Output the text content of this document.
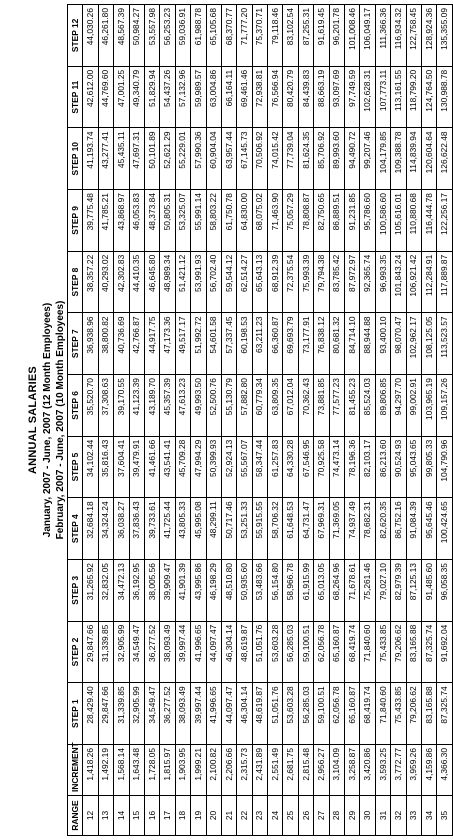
ANNUAL SALARIES January, 2007 - June, 2007 (12 Month Employees) February, 2007 - June, 2007 (10 Month Employees)
RANGE	INCREMENT	STEP 1	STEP 2	STEP 3	STEP 4	STEP 5	STEP 6	STEP 7	STEP 8	STEP 9	STEP 10	STEP 11	STEP 12
12	1,418.26	28,429.40	29,847.66	31,265.92	32,684.18	34,102.44	35,520.70	36,938.96	38,357.22	39,775.48	41,193.74	42,612.00	44,030.26
13	1,492.19	29,847.66	31,339.85	32,832.05	34,324.24	35,816.43	37,308.63	38,800.82	40,293.02	41,785.21	43,277.41	44,769.60	46,261.80
14	1,568.14	31,339.85	32,905.99	34,472.13	36,038.27	37,604.41	39,170.55	40,736.69	42,302.83	43,868.97	45,435.11	47,001.25	48,567.39
15	1,643.48	32,905.99	34,549.47	36,192.95	37,836.43	39,479.91	41,123.39	42,766.87	44,410.35	46,053.83	47,697.31	49,340.79	50,984.27
16	1,728.05	34,549.47	36,277.52	38,005.56	39,733.61	41,461.66	43,189.70	44,917.75	46,645.80	48,373.84	50,101.89	51,829.94	53,557.98
17	1,815.97	36,277.52	38,093.49	39,909.47	41,725.44	43,541.41	45,357.39	47,173.36	48,989.34	50,805.31	52,621.29	54,437.26	56,253.23
18	1,903.95	38,093.49	39,997.44	41,901.39	43,805.33	45,709.28	47,613.23	49,517.17	51,421.12	53,325.07	55,229.01	57,132.96	59,036.91
19	1,999.21	39,997.44	41,996.65	43,995.86	45,995.08	47,994.29	49,993.50	51,992.72	53,991.93	55,991.14	57,990.36	59,989.57	61,988.78
20	2,100.82	41,996.65	44,097.47	46,198.29	48,299.11	50,399.93	52,500.76	54,601.58	56,702.40	58,803.22	60,904.04	63,004.86	65,105.68
21	2,206.66	44,097.47	46,304.14	48,510.80	50,717.46	52,924.13	55,130.79	57,337.45	59,544.12	61,750.78	63,957.44	66,164.11	68,370.77
22	2,315.73	46,304.14	48,619.87	50,935.60	53,251.33	55,567.07	57,882.80	60,198.53	62,514.27	64,830.00	67,145.73	69,461.46	71,777.20
23	2,431.89	48,619.87	51,051.76	53,483.66	55,915.55	58,347.44	60,779.34	63,211.23	65,643.13	68,075.02	70,506.92	72,938.81	75,370.71
24	2,551.49	51,051.76	53,603.28	56,154.80	58,706.32	61,257.83	63,809.35	66,360.87	68,912.39	71,463.90	74,015.42	76,566.94	79,118.46
25	2,681.75	53,603.28	56,285.03	58,966.78	61,648.53	64,330.28	67,012.04	69,693.79	72,375.54	75,057.29	77,739.04	80,420.79	83,102.54
26	2,815.48	56,285.03	59,100.51	61,915.99	64,731.47	67,546.95	70,362.43	73,177.91	75,993.39	78,808.87	81,624.35	84,439.83	87,255.31
27	2,956.27	59,100.51	62,056.78	65,013.05	67,969.31	70,925.58	73,881.85	76,838.12	79,794.38	82,750.65	85,706.92	88,663.19	91,619.45
28	3,104.09	62,056.78	65,160.87	68,264.96	71,369.05	74,473.14	77,577.23	80,681.32	83,785.42	86,889.51	89,993.60	93,097.69	96,201.78
29	3,258.87	65,160.87	68,419.74	71,678.61	74,937.49	78,196.36	81,455.23	84,714.10	87,972.97	91,231.85	94,490.72	97,749.59	101,008.46
30	3,420.86	68,419.74	71,840.60	75,261.46	78,682.31	82,103.17	85,524.03	88,944.88	92,365.74	95,786.60	99,207.46	102,628.31	106,049.17
31	3,593.25	71,840.60	75,433.85	79,027.10	82,620.35	86,213.60	89,806.85	93,400.10	96,993.35	100,586.60	104,179.85	107,773.11	111,366.36
32	3,772.77	75,433.85	79,206.62	82,979.39	86,752.16	90,524.93	94,297.70	98,070.47	101,843.24	105,616.01	109,388.78	113,161.55	116,934.32
33	3,959.26	79,206.62	83,165.88	87,125.13	91,084.39	95,043.65	99,002.91	102,962.17	106,921.42	110,880.68	114,839.94	118,799.20	122,758.45
34	4,159.86	83,165.88	87,325.74	91,485.60	95,645.46	99,805.33	103,965.19	108,125.05	112,284.91	116,444.78	120,604.64	124,764.50	128,924.36
35	4,366.30	87,325.74	91,692.04	96,058.35	100,424.65	104,790.96	109,157.26	113,523.57	117,889.87	122,256.17	126,622.48	130,988.78	135,355.09
